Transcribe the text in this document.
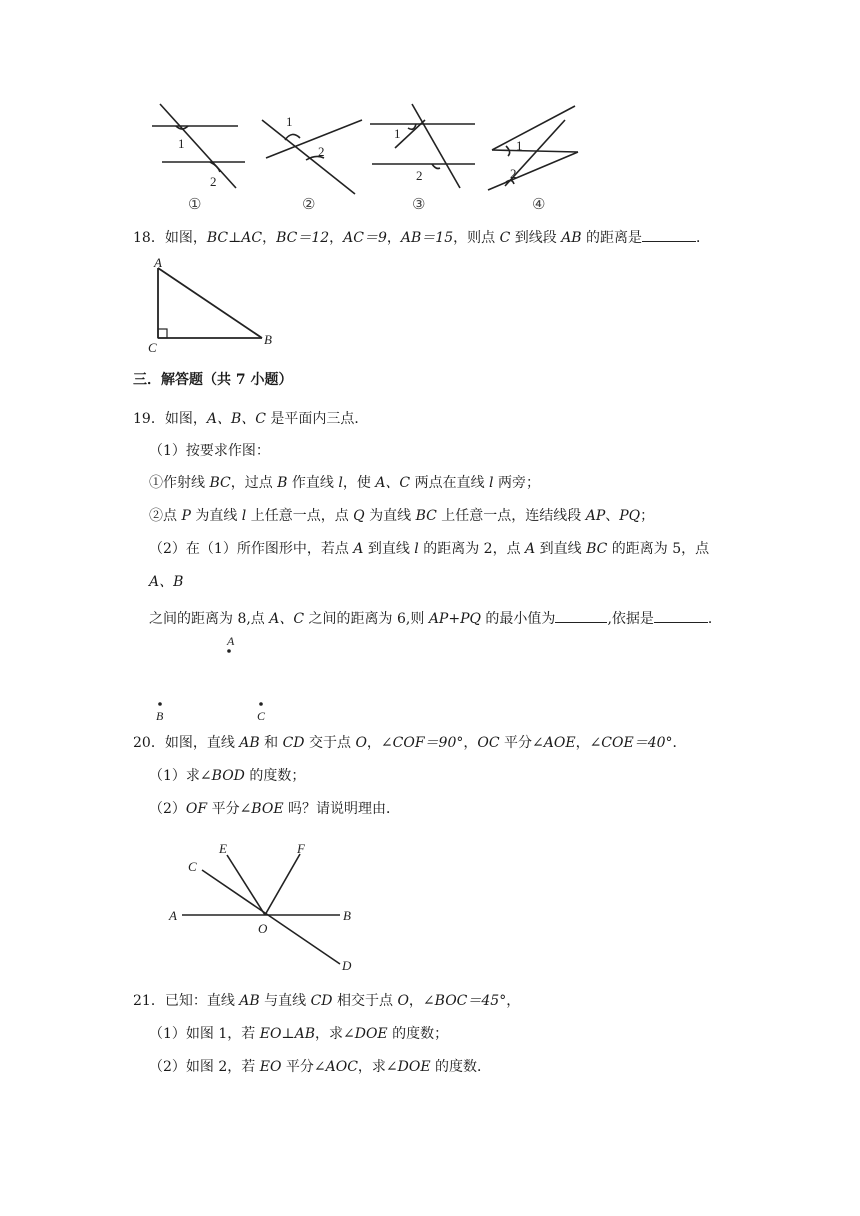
1
2
1
2
1
2
1
2
①	②	③	④
18．如图，BC⊥AC，BC＝12，AC＝9，AB＝15，则点 C 到线段 AB 的距离是	．
A
B
C
三．解答题（共 7 小题）
19．如图，A、B、C 是平面内三点．
（1）按要求作图：
①作射线 BC，过点 B 作直线 l，使 A、C 两点在直线 l 两旁；
②点 P 为直线 l 上任意一点，点 Q 为直线 BC 上任意一点，连结线段 AP、PQ；
（2）在（1）所作图形中，若点 A 到直线 l 的距离为 2，点 A 到直线 BC 的距离为 5，点
A、B
之间的距离为 8,点 A、C 之间的距离为 6,则 AP+PQ 的最小值为	,依据是	．
A
B	C
20．如图，直线 AB 和 CD 交于点 O，∠COF＝90°，OC 平分∠AOE，∠COE＝40°．
（1）求∠BOD 的度数；
（2）OF 平分∠BOE 吗？请说明理由．
A	B
C
D
E	F
O
21．已知：直线 AB 与直线 CD 相交于点 O，∠BOC＝45°，
（1）如图 1，若 EO⊥AB，求∠DOE 的度数；
（2）如图 2，若 EO 平分∠AOC，求∠DOE 的度数．
